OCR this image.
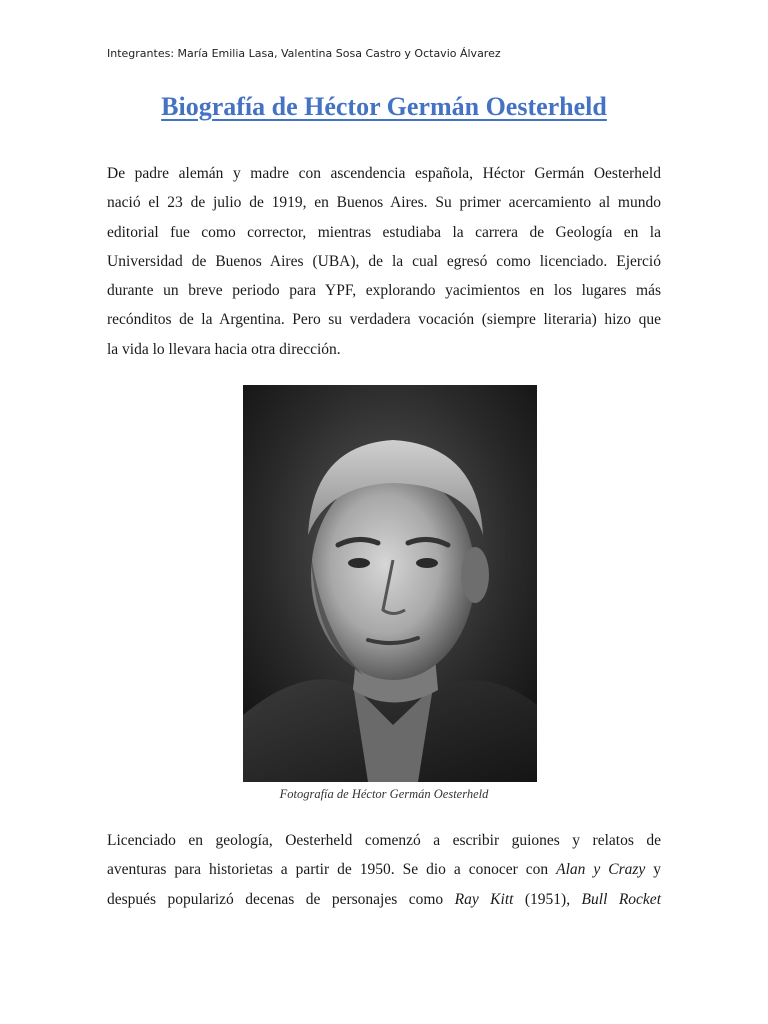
Integrantes: María Emilia Lasa, Valentina Sosa Castro y Octavio Álvarez
Biografía de Héctor Germán Oesterheld
De padre alemán y madre con ascendencia española, Héctor Germán Oesterheld
nació el 23 de julio de 1919, en Buenos Aires. Su primer acercamiento al mundo
editorial fue como corrector, mientras estudiaba la carrera de Geología en la
Universidad de Buenos Aires (UBA), de la cual egresó como licenciado. Ejerció
durante un breve periodo para YPF, explorando yacimientos en los lugares más
recónditos de la Argentina. Pero su verdadera vocación (siempre literaria) hizo que
la vida lo llevara hacia otra dirección.
Fotografía de Héctor Germán Oesterheld
Licenciado en geología, Oesterheld comenzó a escribir guiones y relatos de
aventuras para historietas a partir de 1950. Se dio a conocer con Alan y Crazy y
después popularizó decenas de personajes como Ray Kitt (1951), Bull Rocket
